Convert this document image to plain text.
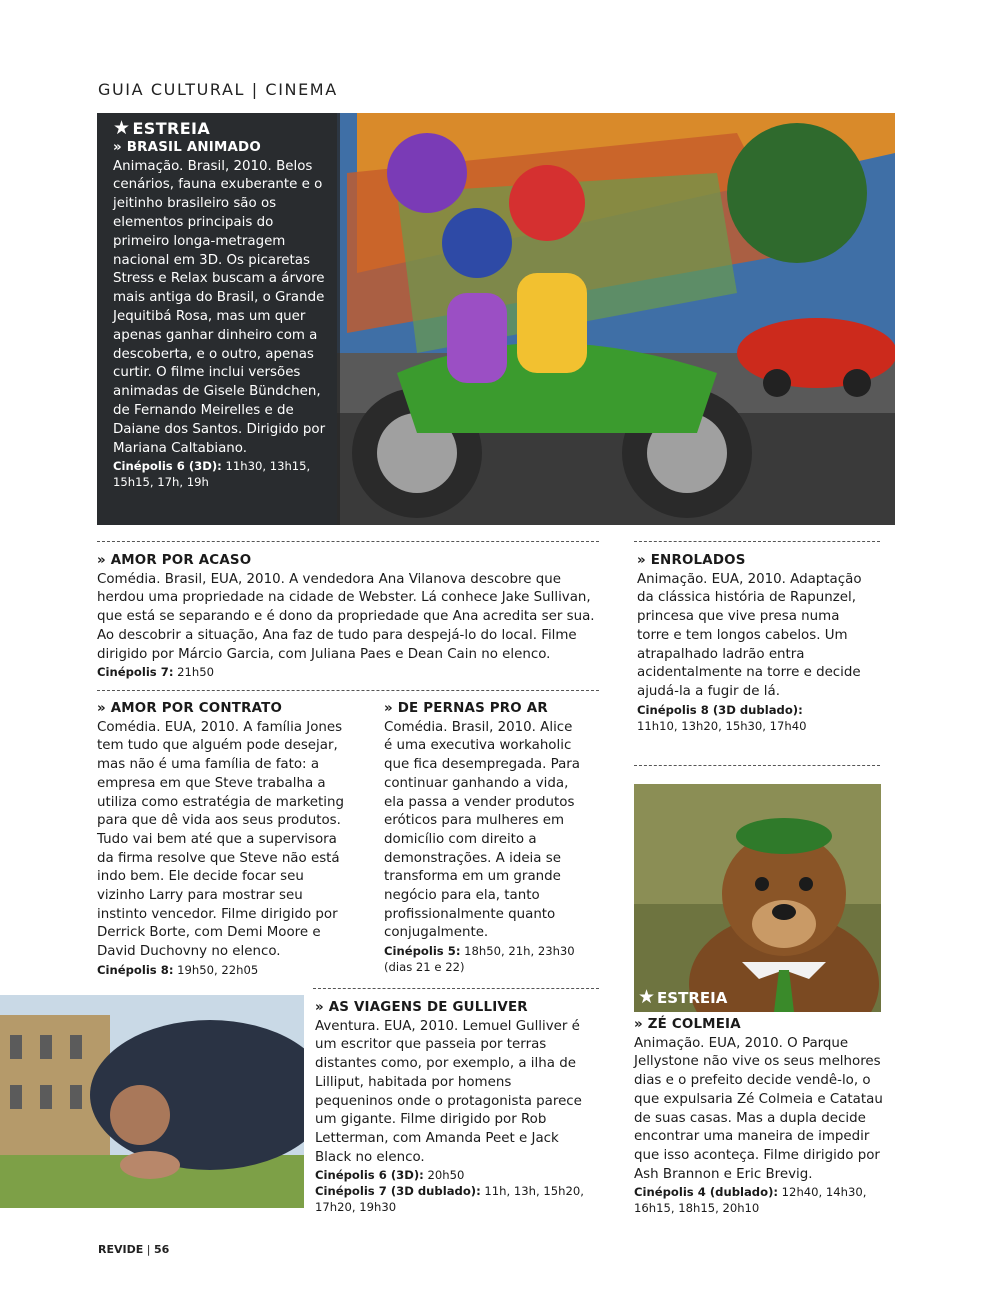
GUIA CULTURAL | CINEMA
★ ESTREIA
» BRASIL ANIMADO

Animação. Brasil, 2010. Belos cenários, fauna exuberante e o jeitinho brasileiro são os elementos principais do primeiro longa-metragem nacional em 3D. Os picaretas Stress e Relax buscam a árvore mais antiga do Brasil, o Grande Jequitibá Rosa, mas um quer apenas ganhar dinheiro com a descoberta, e o outro, apenas curtir. O filme inclui versões animadas de Gisele Bündchen, de Fernando Meirelles e de Daiane dos Santos. Dirigido por Mariana Caltabiano.

Cinépolis 6 (3D): 11h30, 13h15, 15h15, 17h, 19h
» AMOR POR ACASO

Comédia. Brasil, EUA, 2010. A vendedora Ana Vilanova descobre que herdou uma propriedade na cidade de Webster. Lá conhece Jake Sullivan, que está se separando e é dono da propriedade que Ana acredita ser sua. Ao descobrir a situação, Ana faz de tudo para despejá-lo do local. Filme dirigido por Márcio Garcia, com Juliana Paes e Dean Cain no elenco.

Cinépolis 7: 21h50
» ENROLADOS

Animação. EUA, 2010. Adaptação da clássica história de Rapunzel, princesa que vive presa numa torre e tem longos cabelos. Um atrapalhado ladrão entra acidentalmente na torre e decide ajudá-la a fugir de lá.

Cinépolis 8 (3D dublado):
11h10, 13h20, 15h30, 17h40
» AMOR POR CONTRATO

Comédia. EUA, 2010. A família Jones tem tudo que alguém pode desejar, mas não é uma família de fato: a empresa em que Steve trabalha a utiliza como estratégia de marketing para que dê vida aos seus produtos. Tudo vai bem até que a supervisora da firma resolve que Steve não está indo bem. Ele decide focar seu vizinho Larry para mostrar seu instinto vencedor. Filme dirigido por Derrick Borte, com Demi Moore e David Duchovny no elenco.

Cinépolis 8: 19h50, 22h05
» DE PERNAS PRO AR

Comédia. Brasil, 2010. Alice é uma executiva workaholic que fica desempregada. Para continuar ganhando a vida, ela passa a vender produtos eróticos para mulheres em domicílio com direito a demonstrações. A ideia se transforma em um grande negócio para ela, tanto profissionalmente quanto conjugalmente.

Cinépolis 5: 18h50, 21h, 23h30 (dias 21 e 22)
★ ESTREIA
» ZÉ COLMEIA

Animação. EUA, 2010. O Parque Jellystone não vive os seus melhores dias e o prefeito decide vendê-lo, o que expulsaria Zé Colmeia e Catatau de suas casas. Mas a dupla decide encontrar uma maneira de impedir que isso aconteça. Filme dirigido por Ash Brannon e Eric Brevig.

Cinépolis 4 (dublado): 12h40, 14h30, 16h15, 18h15, 20h10
» AS VIAGENS DE GULLIVER

Aventura. EUA, 2010. Lemuel Gulliver é um escritor que passeia por terras distantes como, por exemplo, a ilha de Lilliput, habitada por homens pequeninos onde o protagonista parece um gigante. Filme dirigido por Rob Letterman, com Amanda Peet e Jack Black no elenco.

Cinépolis 6 (3D): 20h50
Cinépolis 7 (3D dublado): 11h, 13h, 15h20, 17h20, 19h30
REVIDE | 56
